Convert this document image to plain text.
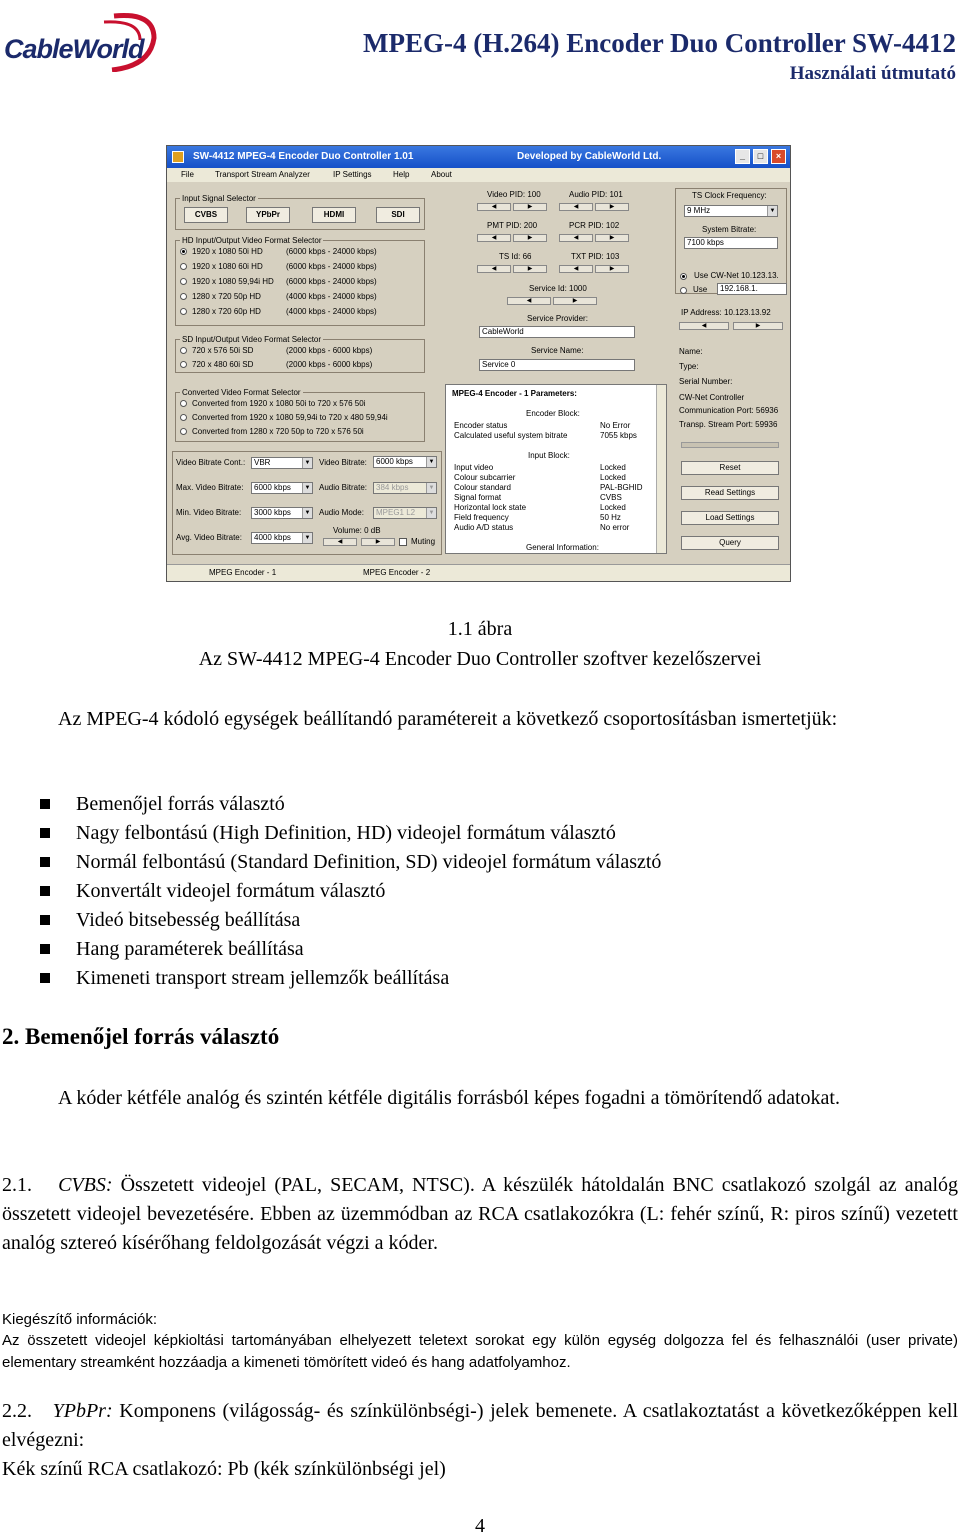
CableWorld	MPEG-4 (H.264) Encoder Duo Controller SW-4412
Használati útmutató
SW-4412 MPEG-4 Encoder Duo Controller 1.01	Developed by CableWorld Ltd.	_	□	×
File	Transport Stream Analyzer	IP Settings	Help	About
Input Signal Selector
CVBS	YPbPr	HDMI	SDI
HD Input/Output Video Format Selector
1920 x 1080 50i HD	(6000 kbps - 24000 kbps)
1920 x 1080 60i HD	(6000 kbps - 24000 kbps)
1920 x 1080 59,94i HD (6000 kbps - 24000 kbps)
1280 x 720 50p HD	(4000 kbps - 24000 kbps)
1280 x 720 60p HD	(4000 kbps - 24000 kbps)
SD Input/Output Video Format Selector
720 x 576 50i SD	(2000 kbps - 6000 kbps)
720 x 480 60i SD	(2000 kbps - 6000 kbps)
Converted Video Format Selector
Converted from 1920 x 1080 50i to 720 x 576 50i
Converted from 1920 x 1080 59,94i to 720 x 480 59,94i
Converted from 1280 x 720 50p to 720 x 576 50i
Video Bitrate Cont.:	VBR	▼ Video Bitrate:	6000 kbps	▼
Max. Video Bitrate:	6000 kbps	▼ Audio Bitrate:	384 kbps	▼
Min. Video Bitrate:	3000 kbps	▼ Audio Mode:	MPEG1 L2	▼
Avg. Video Bitrate:	4000 kbps	▼
Volume: 0 dB
◀	▶	Muting
Video PID: 100	Audio PID: 101
◀	▶	◀	▶
PMT PID: 200	PCR PID: 102
◀	▶	◀	▶
TS Id: 66	TXT PID: 103
◀	▶	◀	▶
Service Id: 1000
◀	▶
Service Provider:
CableWorld
Service Name:
Service 0
MPEG-4 Encoder - 1 Parameters:
Encoder Block:
Encoder status	No Error
Calculated useful system bitrate	7055 kbps
Input Block:
Input video	Locked
Colour subcarrier	Locked
Colour standard	PAL-BGHID
Signal format	CVBS
Horizontal lock state	Locked
Field frequency	50 Hz
Audio A/D status	No error
General Information:
TS Clock Frequency:
9 MHz	▼
System Bitrate:
7100 kbps
Use CW-Net 10.123.13.
Use	192.168.1.
IP Address: 10.123.13.92
◀	▶
Name:
Type:
Serial Number:
CW-Net Controller
Communication Port: 56936
Transp. Stream Port: 59936
Reset
Read Settings
Load Settings
Query
MPEG Encoder - 1	MPEG Encoder - 2
1.1 ábra
Az SW-4412 MPEG-4 Encoder Duo Controller szoftver kezelőszervei
Az MPEG-4 kódoló egységek beállítandó paramétereit a következő csoportosításban ismertetjük:
Bemenőjel forrás választó
Nagy felbontású (High Definition, HD) videojel formátum választó
Normál felbontású (Standard Definition, SD) videojel formátum választó
Konvertált videojel formátum választó
Videó bitsebesség beállítása
Hang paraméterek beállítása
Kimeneti transport stream jellemzők beállítása
2. Bemenőjel forrás választó
A kóder kétféle analóg és szintén kétféle digitális forrásból képes fogadni a tömörítendő adatokat.
2.1. CVBS: Összetett videojel (PAL, SECAM, NTSC). A készülék hátoldalán BNC csatlakozó szolgál az analóg összetett videojel bevezetésére. Ebben az üzemmódban az RCA csatlakozókra (L: fehér színű, R: piros színű) vezetett analóg sztereó kísérőhang feldolgozását végzi a kóder.
Kiegészítő információk:
Az összetett videojel képkioltási tartományában elhelyezett teletext sorokat egy külön egység dolgozza fel és felhasználói (user private) elementary streamként hozzáadja a kimeneti tömörített videó és hang adatfolyamhoz.
2.2. YPbPr: Komponens (világosság- és színkülönbségi-) jelek bemenete. A csatlakoztatást a következőképpen kell elvégezni:
Kék színű RCA csatlakozó: Pb (kék színkülönbségi jel)
4
